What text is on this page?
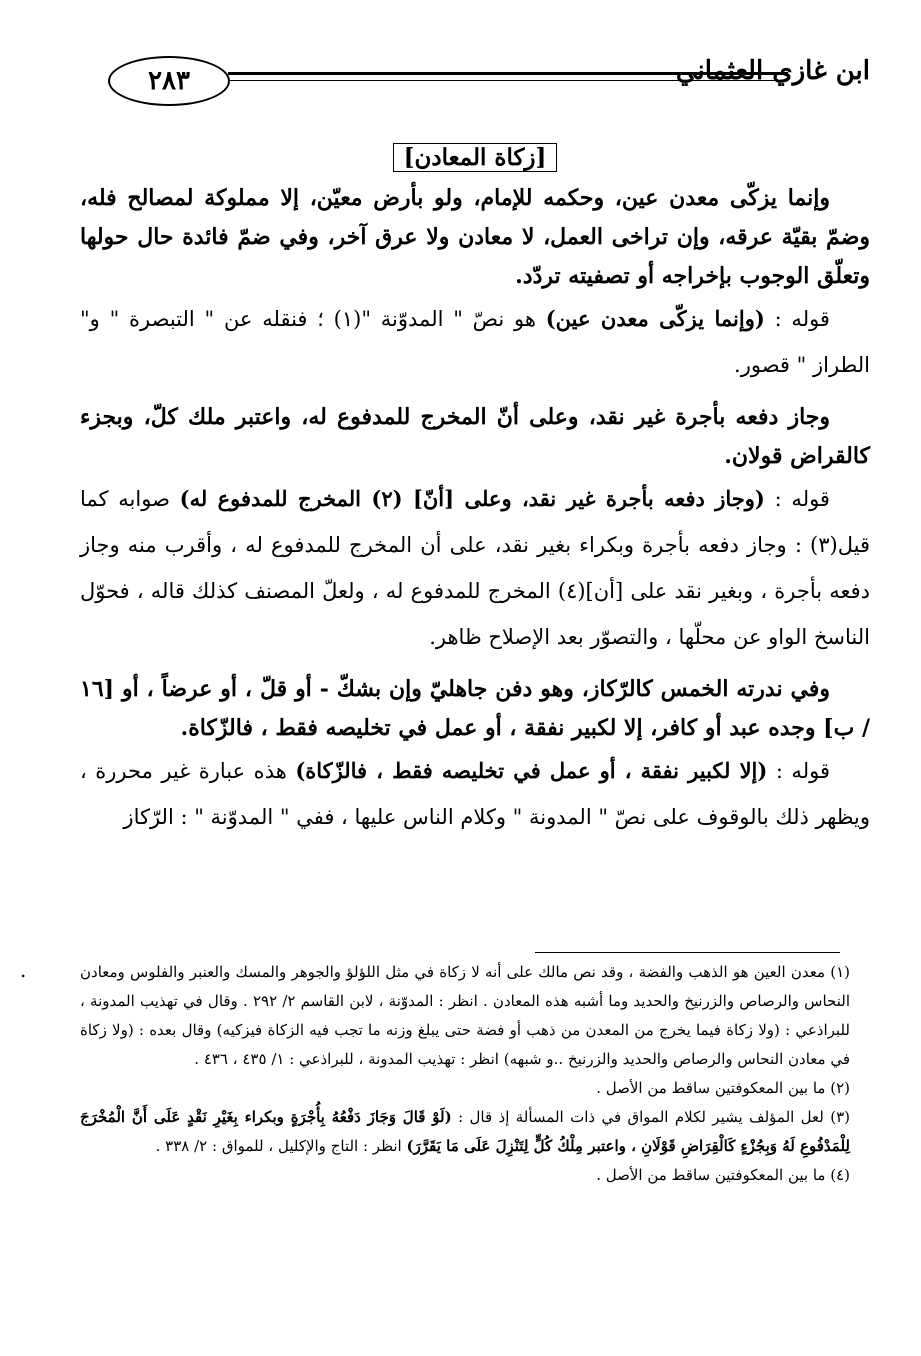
٢٨٣	ابن غازي العثماني
[زكاة المعادن]

وإنما يزكّى معدن عين، وحكمه للإمام، ولو بأرض معيّن، إلا مملوكة لمصالح فله، وضمّ بقيّة عرقه، وإن تراخى العمل، لا معادن ولا عرق آخر، وفي ضمّ فائدة حال حولها وتعلّق الوجوب بإخراجه أو تصفيته تردّد.

قوله : (وإنما يزكّى معدن عين) هو نصّ " المدوّنة "(١) ؛ فنقله عن " التبصرة " و" الطراز " قصور.

وجاز دفعه بأجرة غير نقد، وعلى أنّ المخرج للمدفوع له، واعتبر ملك كلّ، وبجزء كالقراض قولان.

قوله : (وجاز دفعه بأجرة غير نقد، وعلى [أنّ] (٢) المخرج للمدفوع له) صوابه كما قيل(٣) : وجاز دفعه بأجرة وبكراء بغير نقد، على أن المخرج للمدفوع له ، وأقرب منه وجاز دفعه بأجرة ، وبغير نقد على [أن](٤) المخرج للمدفوع له ، ولعلّ المصنف كذلك قاله ، فحوّل الناسخ الواو عن محلّها ، والتصوّر بعد الإصلاح ظاهر.

وفي ندرته الخمس كالرّكاز، وهو دفن جاهليّ وإن بشكّ - أو قلّ ، أو عرضاً ، أو [١٦ / ب] وجده عبد أو كافر، إلا لكبير نفقة ، أو عمل في تخليصه فقط ، فالزّكاة.

قوله : (إلا لكبير نفقة ، أو عمل في تخليصه فقط ، فالزّكاة) هذه عبارة غير محررة ، ويظهر ذلك بالوقوف على نصّ " المدونة " وكلام الناس عليها ، ففي " المدوّنة " : الرّكاز

.	(١) معدن العين هو الذهب والفضة ، وقد نص مالك على أنه لا زكاة في مثل اللؤلؤ والجوهر والمسك والعنبر والفلوس ومعادن النحاس والرصاص والزرنيخ والحديد وما أشبه هذه المعادن . انظر : المدوّنة ، لابن القاسم ٢/ ٢٩٢ . وقال في تهذيب المدونة ، للبراذعي : (ولا زكاة فيما يخرج من المعدن من ذهب أو فضة حتى يبلغ وزنه ما تجب فيه الزكاة فيزكيه) وقال بعده : (ولا زكاة في معادن النحاس والرصاص والحديد والزرنيخ ..و شبهه) انظر : تهذيب المدونة ، للبراذعي : ١/ ٤٣٥ ، ٤٣٦ .

(٢) ما بين المعكوفتين ساقط من الأصل .

(٣) لعل المؤلف يشير لكلام المواق في ذات المسألة إذ قال : (لَوْ قَالَ وَجَازَ دَفْعُهُ بِأُجْرَةٍ وبكراء بِغَيْرِ نَقْدٍ عَلَى أَنَّ الْمُخْرَجَ لِلْمَدْفُوعِ لَهُ وَبِجُزْءٍ كَالْقِرَاضِ قَوْلَانِ ، واعتبر مِلْكُ كُلٍّ لِتَنْزِلَ عَلَى مَا يَقَرَّرَ) انظر : التاج والإكليل ، للمواق : ٢/ ٣٣٨ .

(٤) ما بين المعكوفتين ساقط من الأصل .
